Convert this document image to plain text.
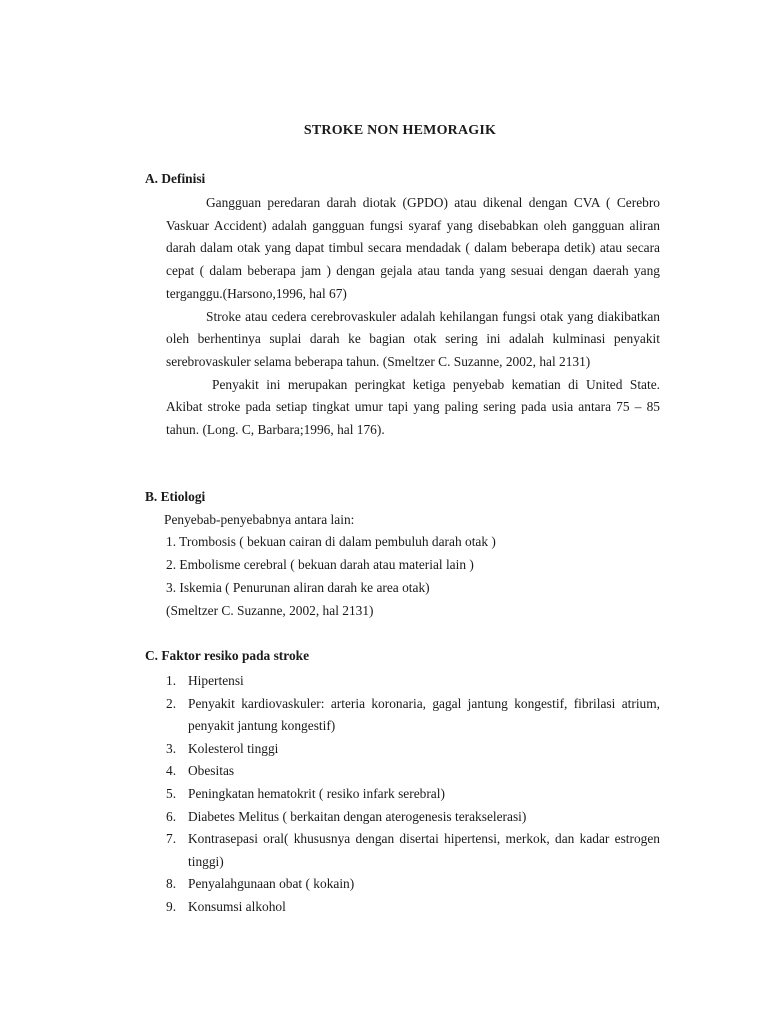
STROKE NON HEMORAGIK
A. Definisi

Gangguan peredaran darah diotak (GPDO) atau dikenal dengan CVA ( Cerebro Vaskuar Accident) adalah gangguan fungsi syaraf yang disebabkan oleh gangguan aliran darah dalam otak yang dapat timbul secara mendadak ( dalam beberapa detik) atau secara cepat ( dalam beberapa jam ) dengan gejala atau tanda yang sesuai dengan daerah yang terganggu.(Harsono,1996, hal 67)

Stroke atau cedera cerebrovaskuler adalah kehilangan fungsi otak yang diakibatkan oleh berhentinya suplai darah ke bagian otak sering ini adalah kulminasi penyakit serebrovaskuler selama beberapa tahun. (Smeltzer C. Suzanne, 2002, hal 2131)

Penyakit ini merupakan peringkat ketiga penyebab kematian di United State. Akibat stroke pada setiap tingkat umur tapi yang paling sering pada usia antara 75 – 85 tahun. (Long. C, Barbara;1996, hal 176).

B. Etiologi
Penyebab-penyebabnya antara lain:
1. Trombosis ( bekuan cairan di dalam pembuluh darah otak )
2. Embolisme cerebral ( bekuan darah atau material lain )
3. Iskemia ( Penurunan aliran darah ke area otak)
(Smeltzer C. Suzanne, 2002, hal 2131)
C. Faktor resiko pada stroke
1. Hipertensi
2. Penyakit kardiovaskuler: arteria koronaria, gagal jantung kongestif, fibrilasi atrium, penyakit jantung kongestif)
3. Kolesterol tinggi
4. Obesitas
5. Peningkatan hematokrit ( resiko infark serebral)
6. Diabetes Melitus ( berkaitan dengan aterogenesis terakselerasi)
7. Kontrasepasi oral( khususnya dengan disertai hipertensi, merkok, dan kadar estrogen tinggi)
8. Penyalahgunaan obat ( kokain)
9. Konsumsi alkohol
